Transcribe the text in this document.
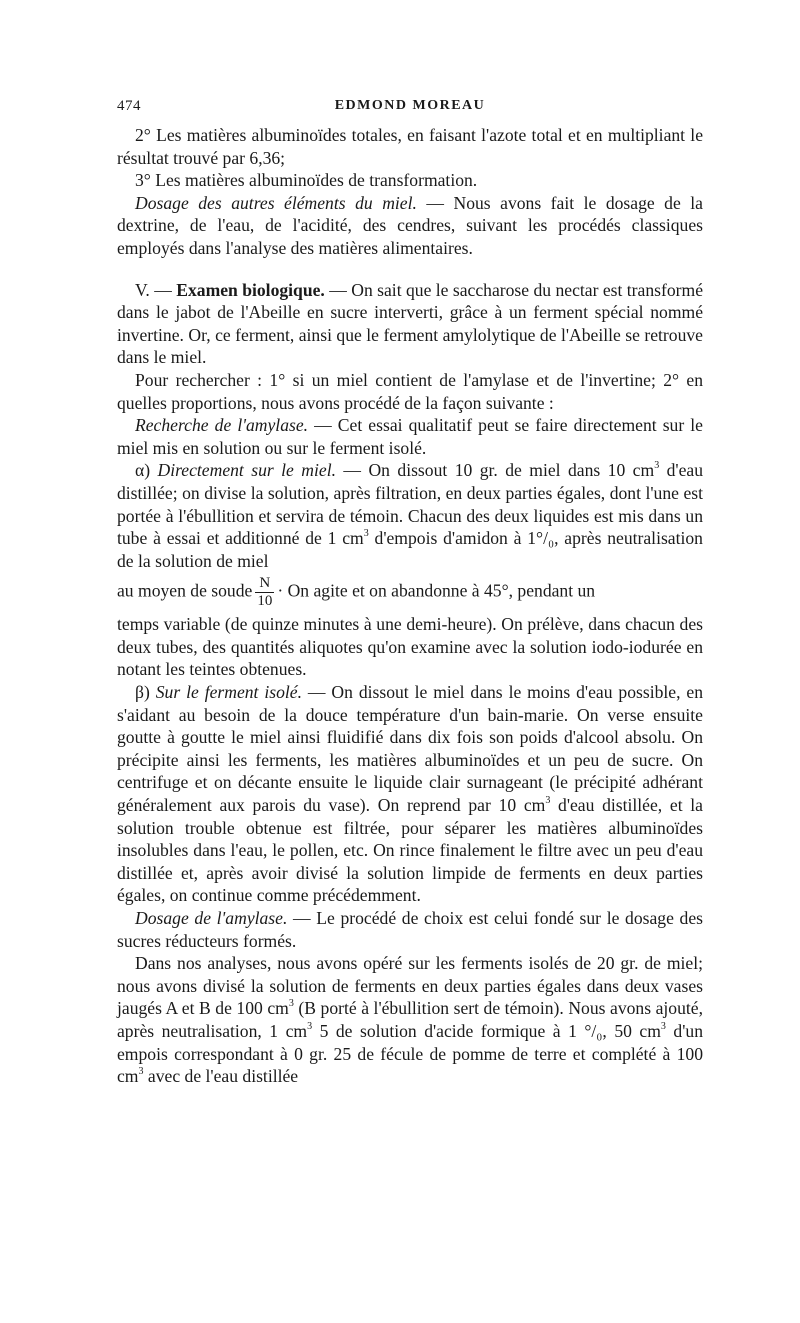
474	EDMOND MOREAU

2° Les matières albuminoïdes totales, en faisant l'azote total et en multipliant le résultat trouvé par 6,36;

3° Les matières albuminoïdes de transformation.

Dosage des autres éléments du miel. — Nous avons fait le dosage de la dextrine, de l'eau, de l'acidité, des cendres, suivant les procédés classiques employés dans l'analyse des matières alimentaires.

V. — Examen biologique. — On sait que le saccharose du nectar est transformé dans le jabot de l'Abeille en sucre interverti, grâce à un ferment spécial nommé invertine. Or, ce ferment, ainsi que le ferment amylolytique de l'Abeille se retrouve dans le miel.

Pour rechercher : 1° si un miel contient de l'amylase et de l'invertine; 2° en quelles proportions, nous avons procédé de la façon suivante :

Recherche de l'amylase. — Cet essai qualitatif peut se faire directement sur le miel mis en solution ou sur le ferment isolé.

α) Directement sur le miel. — On dissout 10 gr. de miel dans 10 $cm^3$ d'eau distillée; on divise la solution, après filtration, en deux parties égales, dont l'une est portée à l'ébullition et servira de témoin. Chacun des deux liquides est mis dans un tube à essai et additionné de 1 $cm^3$ d'empois d'amidon à 1°/₀, après neutralisation de la solution de miel

au moyen de soude $\frac{N}{10} \cdot On$ agite et on abandonne à 45°, pendant un

temps variable (de quinze minutes à une demi-heure). On prélève, dans chacun des deux tubes, des quantités aliquotes qu'on examine avec la solution iodo-iodurée en notant les teintes obtenues.

β) Sur le ferment isolé. — On dissout le miel dans le moins d'eau possible, en s'aidant au besoin de la douce température d'un bain-marie. On verse ensuite goutte à goutte le miel ainsi fluidifié dans dix fois son poids d'alcool absolu. On précipite ainsi les ferments, les matières albuminoïdes et un peu de sucre. On centrifuge et on décante ensuite le liquide clair surnageant (le précipité adhérant généralement aux parois du vase). On reprend par 10 $cm^3$ d'eau distillée, et la solution trouble obtenue est filtrée, pour séparer les matières albuminoïdes insolubles dans l'eau, le pollen, etc. On rince finalement le filtre avec un peu d'eau distillée et, après avoir divisé la solution limpide de ferments en deux parties égales, on continue comme précédemment.

Dosage de l'amylase. — Le procédé de choix est celui fondé sur le dosage des sucres réducteurs formés.

Dans nos analyses, nous avons opéré sur les ferments isolés de 20 gr. de miel; nous avons divisé la solution de ferments en deux parties égales dans deux vases jaugés A et B de 100 $cm^3$ (B porté à l'ébullition sert de témoin). Nous avons ajouté, après neutralisation, 1 $cm^3$ 5 de solution d'acide formique à 1 °/₀, 50 $cm^3$ d'un empois correspondant à 0 gr. 25 de fécule de pomme de terre et complété à 100 $cm^3$ avec de l'eau distillée
